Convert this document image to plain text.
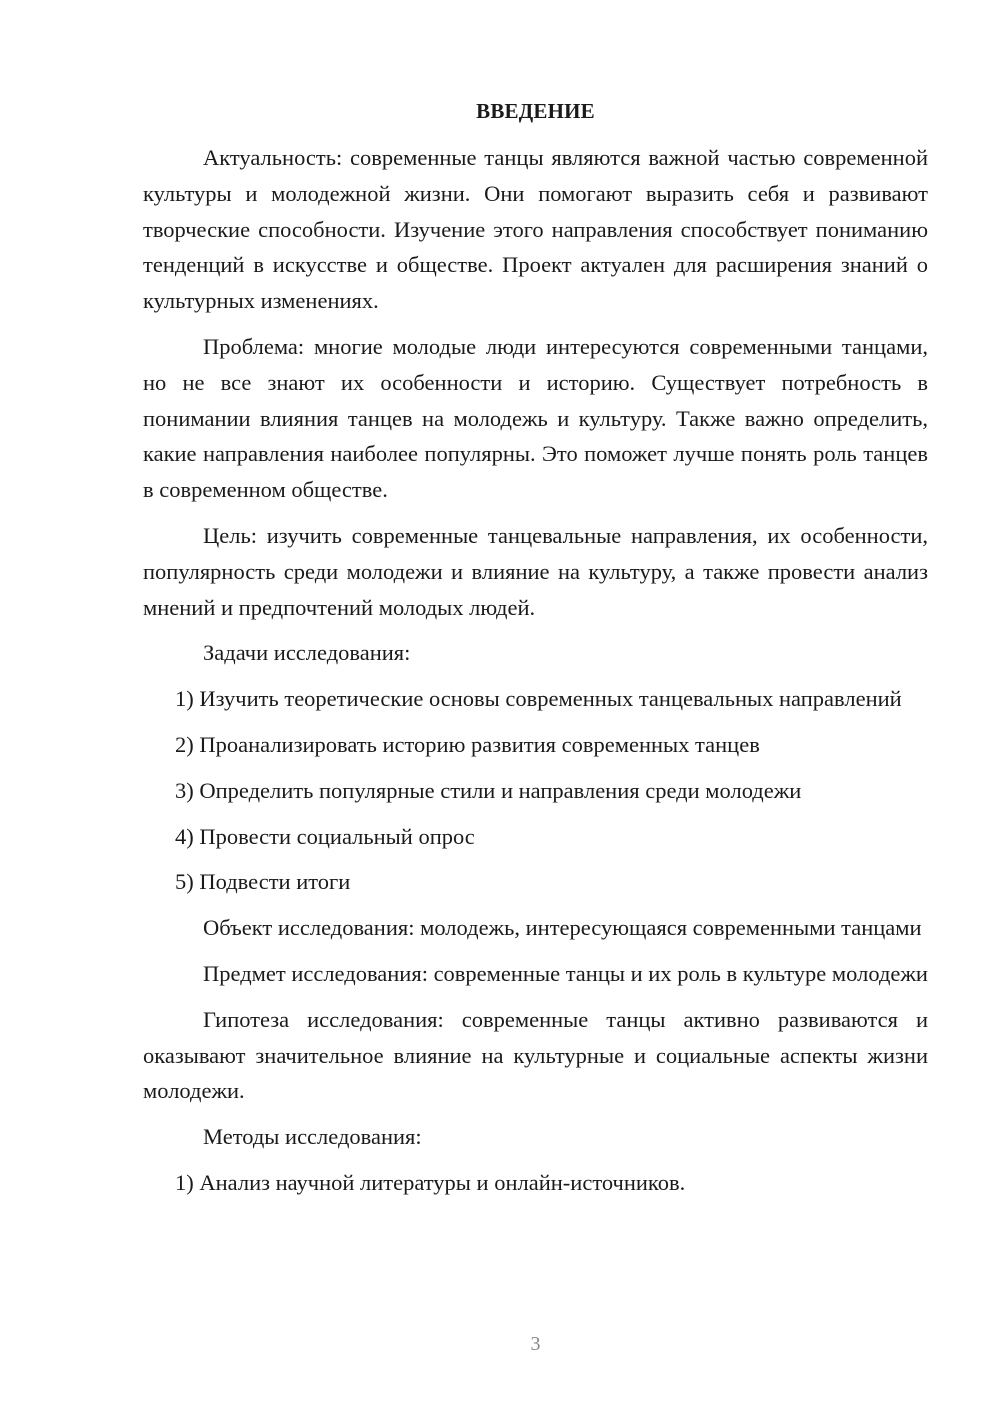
ВВЕДЕНИЕ

Актуальность: современные танцы являются важной частью современной культуры и молодежной жизни. Они помогают выразить себя и развивают творческие способности. Изучение этого направления способствует пониманию тенденций в искусстве и обществе. Проект актуален для расширения знаний о культурных изменениях.

Проблема: многие молодые люди интересуются современными танцами, но не все знают их особенности и историю. Существует потребность в понимании влияния танцев на молодежь и культуру. Также важно определить, какие направления наиболее популярны. Это поможет лучше понять роль танцев в современном обществе.

Цель: изучить современные танцевальные направления, их особенности, популярность среди молодежи и влияние на культуру, а также провести анализ мнений и предпочтений молодых людей.

Задачи исследования:

1) Изучить теоретические основы современных танцевальных направлений

2) Проанализировать историю развития современных танцев

3) Определить популярные стили и направления среди молодежи

4) Провести социальный опрос

5) Подвести итоги

Объект исследования: молодежь, интересующаяся современными танцами

Предмет исследования: современные танцы и их роль в культуре молодежи

Гипотеза исследования: современные танцы активно развиваются и оказывают значительное влияние на культурные и социальные аспекты жизни молодежи.

Методы исследования:

1) Анализ научной литературы и онлайн-источников.

3
